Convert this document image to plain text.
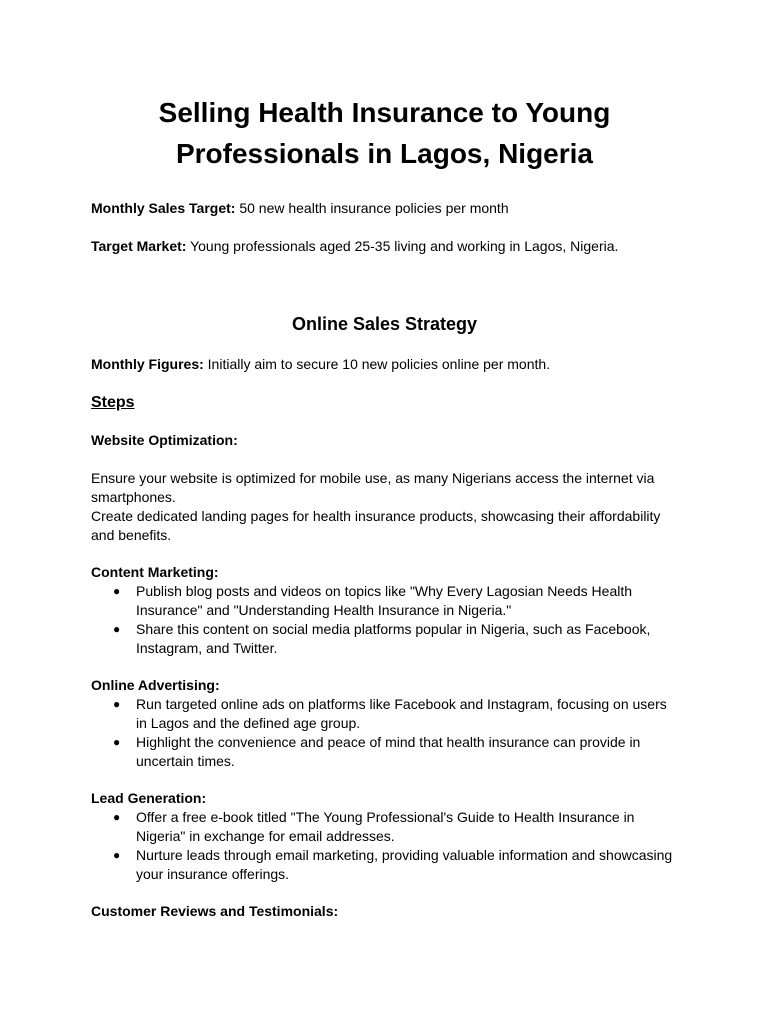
Selling Health Insurance to Young
Professionals in Lagos, Nigeria

Monthly Sales Target: 50 new health insurance policies per month

Target Market: Young professionals aged 25-35 living and working in Lagos, Nigeria.

Online Sales Strategy

Monthly Figures: Initially aim to secure 10 new policies online per month.

Steps
Website Optimization:

Ensure your website is optimized for mobile use, as many Nigerians access the internet via smartphones.

Create dedicated landing pages for health insurance products, showcasing their affordability and benefits.

Content Marketing:
● Publish blog posts and videos on topics like "Why Every Lagosian Needs Health Insurance" and "Understanding Health Insurance in Nigeria."
● Share this content on social media platforms popular in Nigeria, such as Facebook, Instagram, and Twitter.
Online Advertising:
● Run targeted online ads on platforms like Facebook and Instagram, focusing on users in Lagos and the defined age group.
● Highlight the convenience and peace of mind that health insurance can provide in uncertain times.
Lead Generation:
● Offer a free e-book titled "The Young Professional's Guide to Health Insurance in Nigeria" in exchange for email addresses.
● Nurture leads through email marketing, providing valuable information and showcasing your insurance offerings.
Customer Reviews and Testimonials:
